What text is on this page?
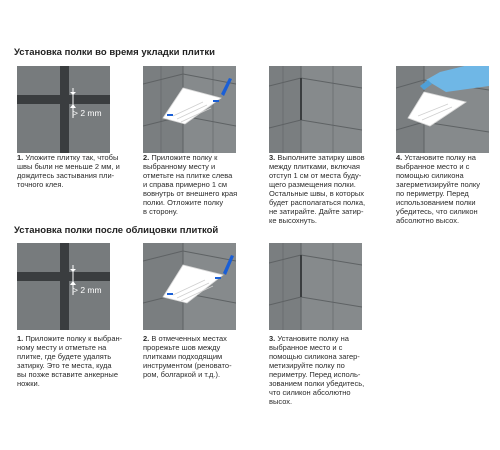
Установка полки во время укладки плитки
> 2 mm
1. Уложите плитку так, чтобы
швы были не меньше 2 мм, и
дождитесь застывания пли-
точного клея.
2. Приложите полку к
выбранному месту и
отметьте на плитке слева
и справа примерно 1 см
вовнутрь от внешнего края
полки. Отложите полку
в сторону.
3. Выполните затирку швов
между плитками, включая
отступ 1 см от места буду-
щего размещения полки.
Остальные швы, в которых
будет располагаться полка,
не затирайте. Дайте затир-
ке высохнуть.
4. Установите полку на
выбранное место и с
помощью силикона
загерметизируйте полку
по периметру. Перед
использованием полки
убедитесь, что силикон
абсолютно высох.
Установка полки после облицовки плиткой
> 2 mm
1. Приложите полку к выбран-
ному месту и отметьте на
плитке, где будете удалять
затирку. Это те места, куда
вы позже вставите анкерные
ножки.
2. В отмеченных местах
прорежьте шов между
плитками подходящим
инструментом (реновато-
ром, болгаркой и т.д.).
3. Установите полку на
выбранное место и с
помощью силикона загер-
метизируйте полку по
периметру. Перед исполь-
зованием полки убедитесь,
что силикон абсолютно
высох.
